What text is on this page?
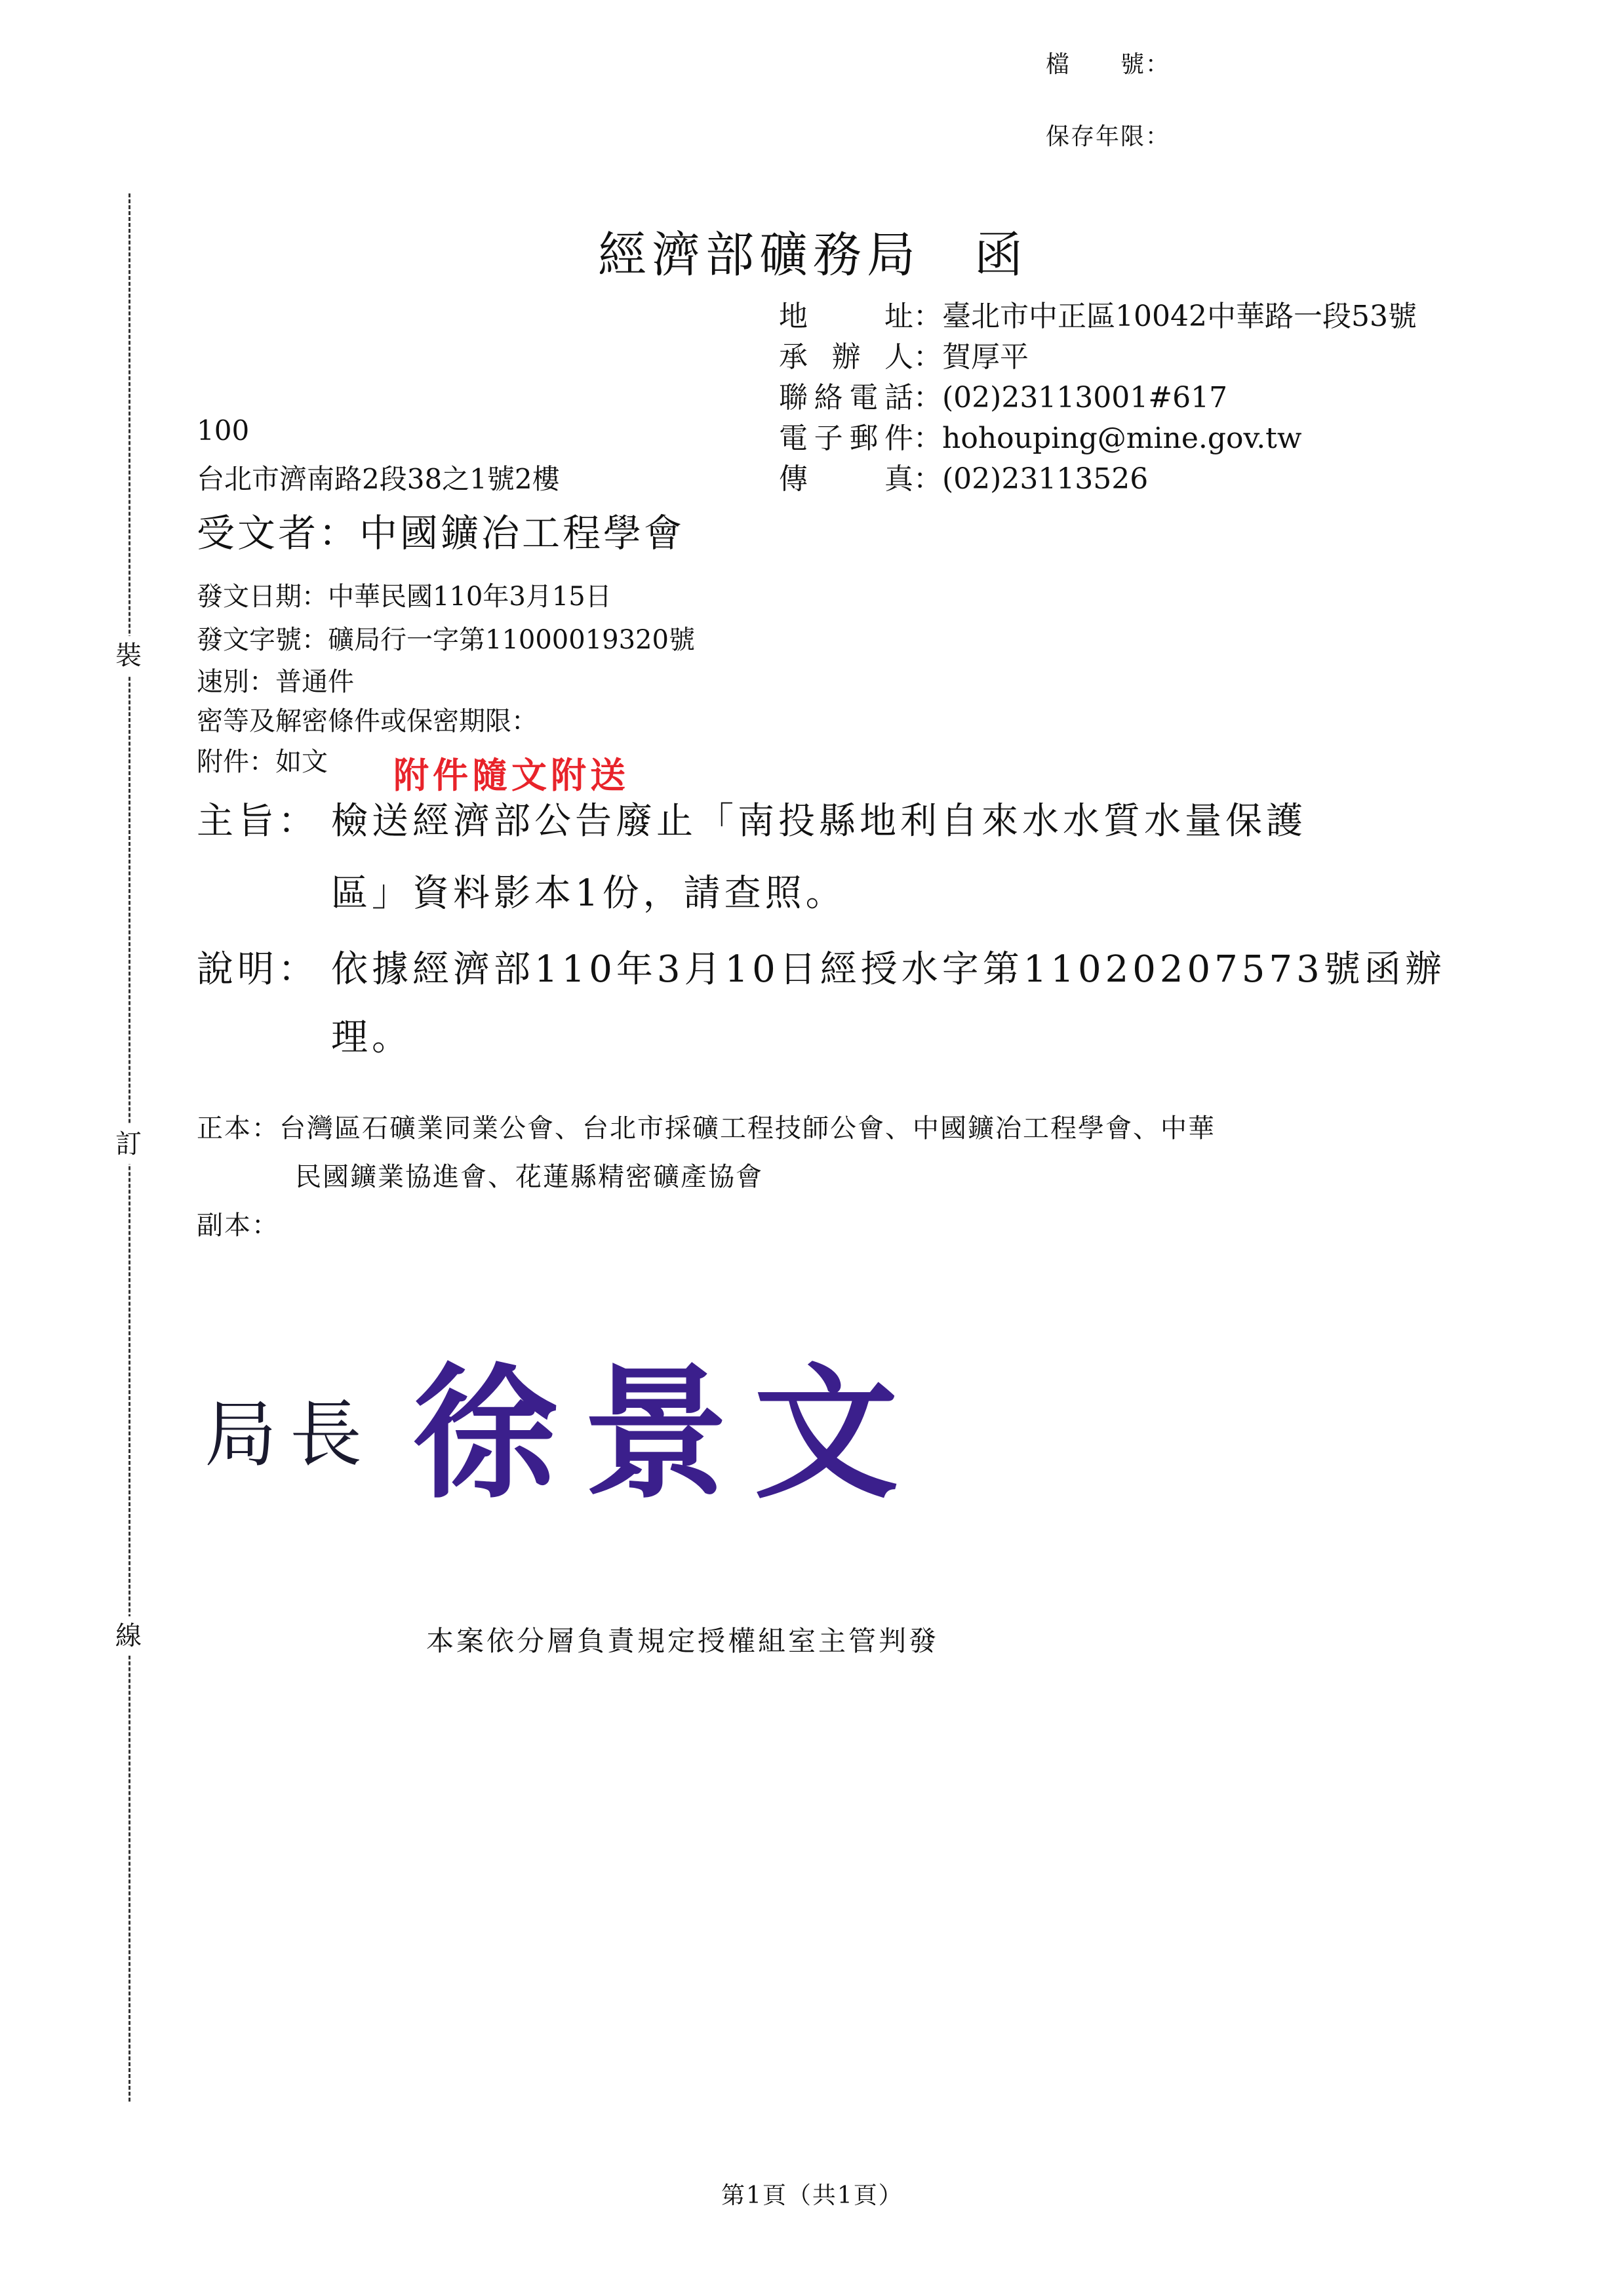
檔　　號：
保存年限：
裝
訂
線
經濟部礦務局　函
地　　址：臺北市中正區10042中華路一段53號
承 辦 人：賀厚平
聯絡電話：(02)23113001#617
電子郵件：hohouping@mine.gov.tw
傳　　真：(02)23113526
100
台北市濟南路2段38之1號2樓
受文者：中國鑛冶工程學會
發文日期：中華民國110年3月15日
發文字號：礦局行一字第11000019320號
速別：普通件
密等及解密條件或保密期限：
附件：如文 附件隨文附送
主旨： 檢送經濟部公告廢止「南投縣地利自來水水質水量保護
區」資料影本1份，請查照。
說明： 依據經濟部110年3月10日經授水字第11020207573號函辦
理。
正本：台灣區石礦業同業公會、台北市採礦工程技師公會、中國鑛冶工程學會、中華
民國鑛業協進會、花蓮縣精密礦產協會
副本：
局長 徐景文
本案依分層負責規定授權組室主管判發
第1頁（共1頁）
